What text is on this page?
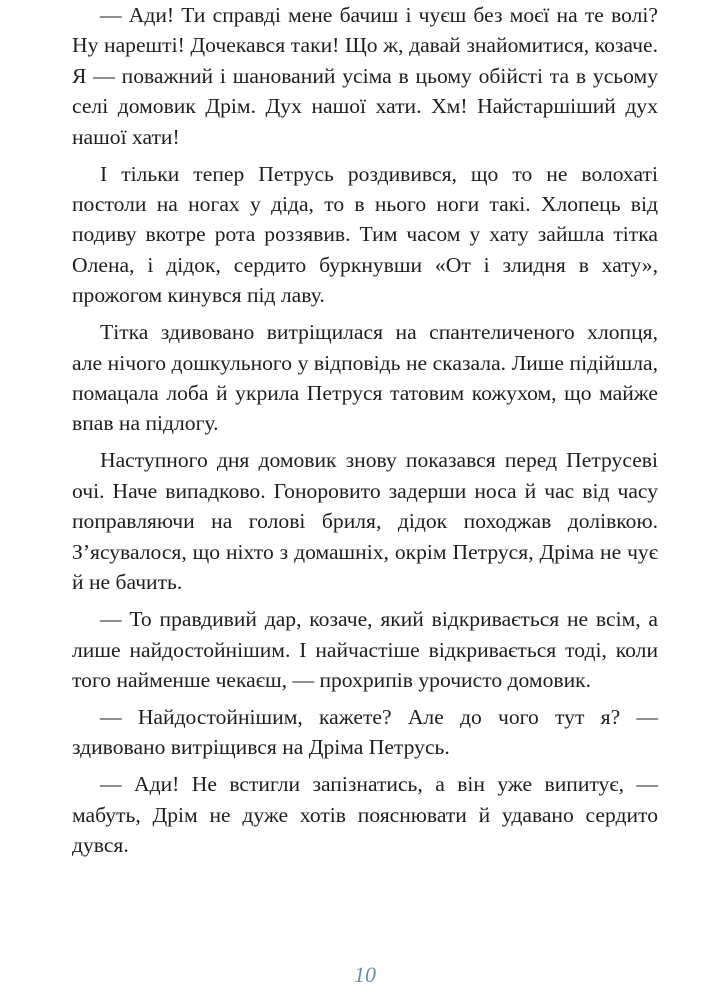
— Ади! Ти справді мене бачиш і чуєш без моєї на те волі? Ну нарешті! Дочекався таки! Що ж, давай знайомитися, козаче. Я — поважний і шанований усіма в цьому обійсті та в усьому селі домовик Дрім. Дух нашої хати. Хм! Найстаршіший дух нашої хати!

І тільки тепер Петрусь роздивився, що то не волохаті постоли на ногах у діда, то в нього ноги такі. Хлопець від подиву вкотре рота роззявив. Тим часом у хату зайшла тітка Олена, і дідок, сердито буркнувши «От і злидня в хату», прожогом кинувся під лаву.

Тітка здивовано витріщилася на спантеличеного хлопця, але нічого дошкульного у відповідь не сказала. Лише підійшла, помацала лоба й укрила Петруся татовим кожухом, що майже впав на підлогу.

Наступного дня домовик знову показався перед Петрусеві очі. Наче випадково. Гоноровито задерши носа й час від часу поправляючи на голові бриля, дідок походжав долівкою. З’ясувалося, що ніхто з домашніх, окрім Петруся, Дріма не чує й не бачить.

— То правдивий дар, козаче, який відкривається не всім, а лише найдостойнішим. І найчастіше відкривається тоді, коли того найменше чекаєш, — прохрипів урочисто домовик.

— Найдостойнішим, кажете? Але до чого тут я? — здивовано витріщився на Дріма Петрусь.

— Ади! Не встигли запізнатись, а він уже випитує, — мабуть, Дрім не дуже хотів пояснювати й удавано сердито дувся.

10
